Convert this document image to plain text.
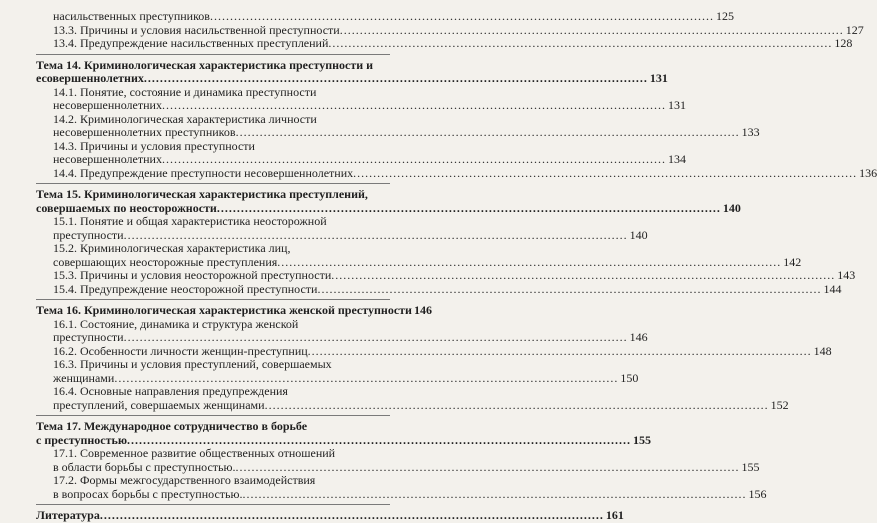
насильственных преступников .....	125
13.3. Причины и условия насильственной преступности .....	127
13.4. Предупреждение насильственных преступлений .....	128
Тема 14. Криминологическая характеристика преступности и
есовершеннолетних .....	131
14.1. Понятие, состояние и динамика преступности
несовершеннолетних .....	131
14.2. Криминологическая характеристика личности
несовершеннолетних преступников .....	133
14.3. Причины и условия преступности
несовершеннолетних .....	134
14.4. Предупреждение преступности несовершеннолетних .....	136
Тема 15. Криминологическая характеристика преступлений,
совершаемых по неосторожности .....	140
15.1. Понятие и общая характеристика неосторожной
преступности .....	140
15.2. Криминологическая характеристика лиц,
совершающих неосторожные преступления .....	142
15.3. Причины и условия неосторожной преступности .....	143
15.4. Предупреждение неосторожной преступности .....	144
Тема 16. Криминологическая характеристика женской преступности 146
16.1. Состояние, динамика и структура женской
преступности .....	146
16.2. Особенности личности женщин-преступниц .....	148
16.3. Причины и условия преступлений, совершаемых
женщинами .....	150
16.4. Основные направления предупреждения
преступлений, совершаемых женщинами .....	152
Тема 17. Международное сотрудничество в борьбе
с преступностью .....	155
17.1. Современное развитие общественных отношений
в области борьбы с преступностью. .....	155
17.2. Формы межгосударственного взаимодействия
в вопросах борьбы с преступностью. .....	156
Литература .....	161
